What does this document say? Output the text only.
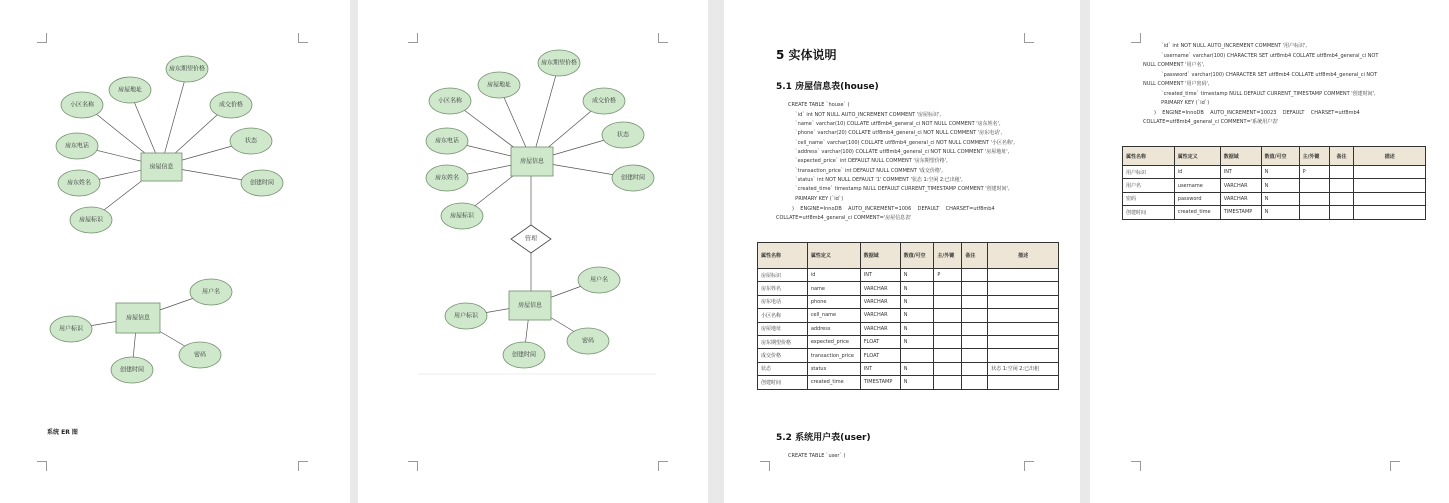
房东期望价格
房屋地址
小区名称	成交价格
房东电话
状态
房东姓名	创建时间
房屋标识
房屋信息
用户名
用户标识
密码
创建时间
房屋信息
系统 ER 图
房东期望价格
房屋地址
小区名称	成交价格
房东电话
状态
房东姓名	创建时间
房屋标识
房屋信息
管理
用户名
用户标识
密码
创建时间
房屋信息
5 实体说明
5.1 房屋信息表(house)
CREATE TABLE `house` (
`id` int NOT NULL AUTO_INCREMENT COMMENT '房屋标识',
`name` varchar(10) COLLATE utf8mb4_general_ci NOT NULL COMMENT '房东姓名',
`phone` varchar(20) COLLATE utf8mb4_general_ci NOT NULL COMMENT '房东电话',
`cell_name` varchar(100) COLLATE utf8mb4_general_ci NOT NULL COMMENT '小区名称',
`address` varchar(100) COLLATE utf8mb4_general_ci NOT NULL COMMENT '房屋地址',
`expected_price` int DEFAULT NULL COMMENT '房东期望价格',
`transaction_price` int DEFAULT NULL COMMENT '成交价格',
`status` int NOT NULL DEFAULT '1' COMMENT '状态 1:空闲 2:已出租',
`created_time` timestamp NULL DEFAULT CURRENT_TIMESTAMP COMMENT '创建时间',
PRIMARY KEY (`id`)
)    ENGINE=InnoDB    AUTO_INCREMENT=1006    DEFAULT    CHARSET=utf8mb4
COLLATE=utf8mb4_general_ci COMMENT='房屋信息表'
属性名称	属性定义	数据域	数值/可空	主/外键	备注	描述
房屋标识	id	INT	N	P		
房东姓名	name	VARCHAR	N			
房东电话	phone	VARCHAR	N			
小区名称	cell_name	VARCHAR	N			
房屋地址	address	VARCHAR	N			
房东期望价格	expected_price	FLOAT	N			
成交价格	transaction_price	FLOAT				
状态	status	INT	N			状态 1:空闲 2:已出租
创建时间	created_time	TIMESTAMP	N			
5.2 系统用户表(user)
CREATE TABLE `user` (
`id` int NOT NULL AUTO_INCREMENT COMMENT '用户标识',
`username` varchar(100) CHARACTER SET utf8mb4 COLLATE utf8mb4_general_ci NOT
NULL COMMENT '用户名',
`password` varchar(100) CHARACTER SET utf8mb4 COLLATE utf8mb4_general_ci NOT
NULL COMMENT '用户密码',
`created_time` timestamp NULL DEFAULT CURRENT_TIMESTAMP COMMENT '创建时间',
PRIMARY KEY (`id`)
)    ENGINE=InnoDB    AUTO_INCREMENT=10023    DEFAULT    CHARSET=utf8mb4
COLLATE=utf8mb4_general_ci COMMENT='系统用户表'
属性名称	属性定义	数据域	数值/可空	主/外键	备注	描述
用户标识	id	INT	N	P		
用户名	username	VARCHAR	N			
密码	password	VARCHAR	N			
创建时间	created_time	TIMESTAMP	N			
